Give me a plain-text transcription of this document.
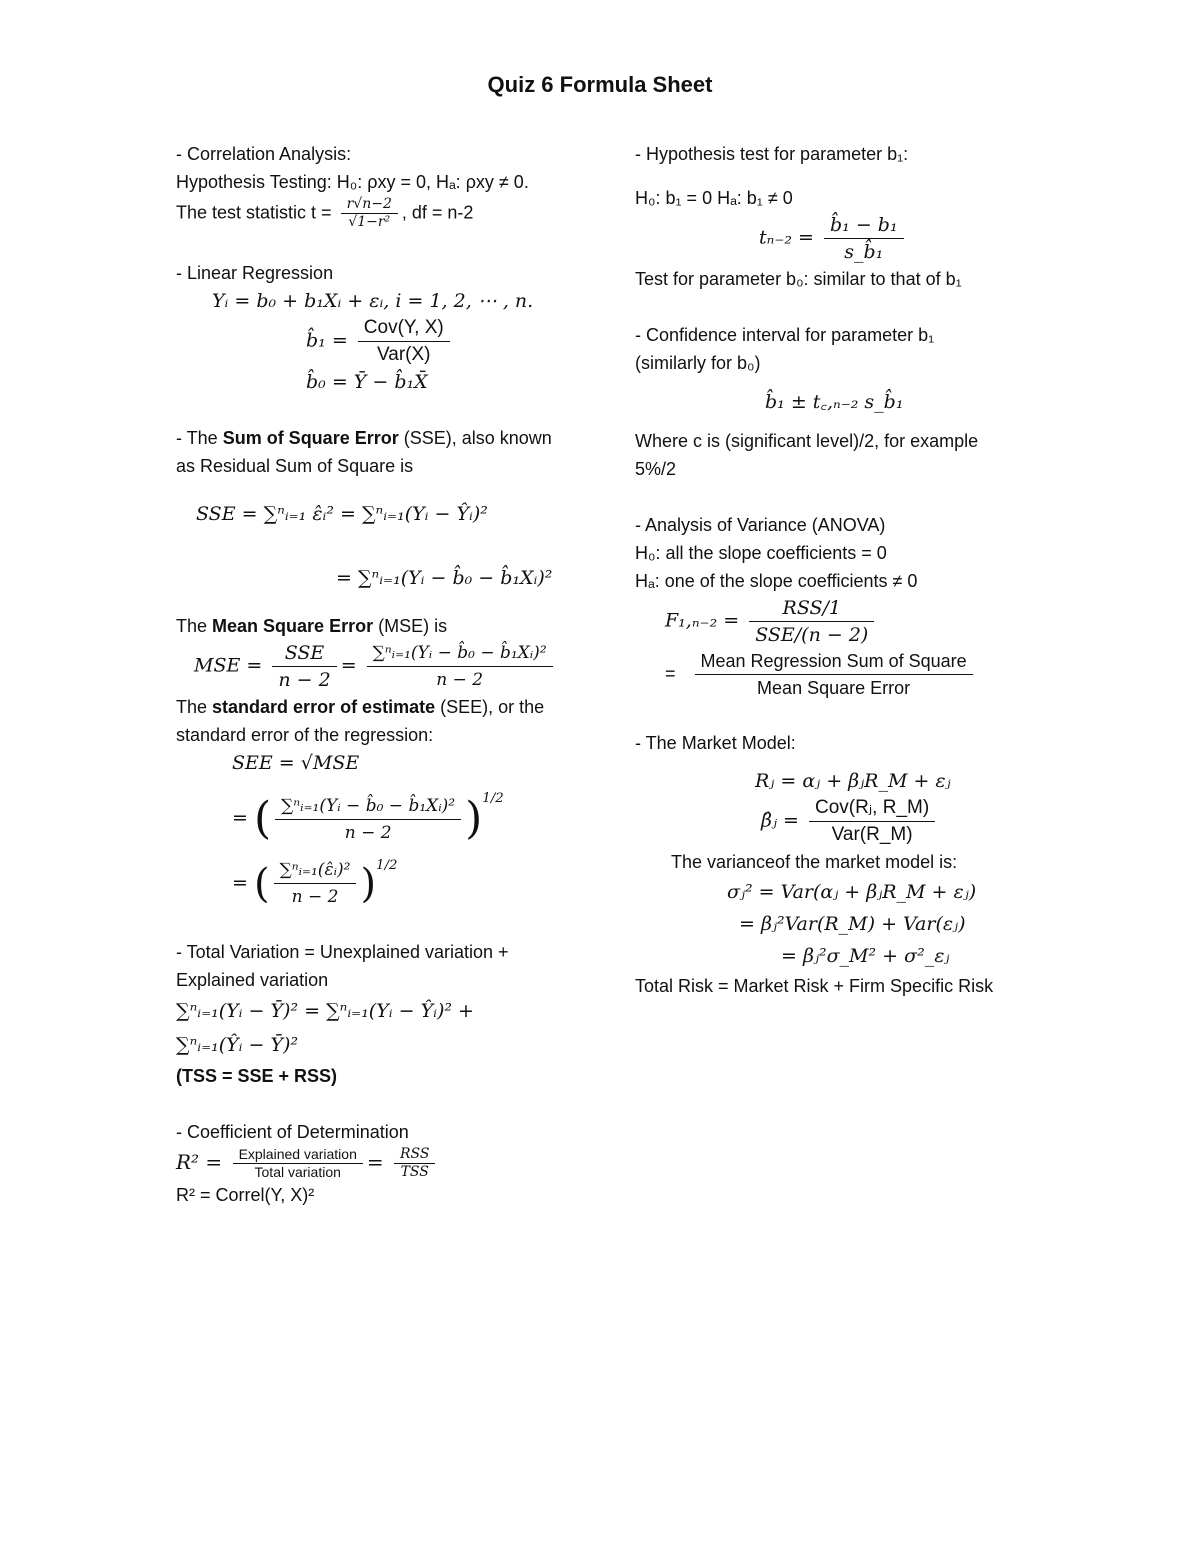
Quiz 6 Formula Sheet
- Correlation Analysis:
Hypothesis Testing: H₀: ρxy = 0, Hₐ: ρxy ≠ 0.
The test statistic $t = \frac{r√n-2}{\text{√1−r²}}$ , df = n-2
- Linear Regression
Yᵢ = b₀ + b₁Xᵢ + εᵢ, i = 1, 2, ⋯ , n.
b̂₁ = $\frac{\text{Cov(Y, X)}}{\text{Var(X)}}$
b̂₀ = Ȳ − b̂₁X̄
- The Sum of Square Error (SSE), also known
as Residual Sum of Square is
SSE = ∑ⁿᵢ₌₁ ε̂ᵢ² = ∑ⁿᵢ₌₁(Yᵢ − Ŷᵢ)²
= ∑ⁿᵢ₌₁(Yᵢ − b̂₀ − b̂₁Xᵢ)²
The Mean Square Error (MSE) is
MSE = $\frac{\text{SSE}}{n - 2} = \frac{\text{∑ⁿᵢ₌₁(Yᵢ − b̂₀ − b̂₁Xᵢ)²}}{n - 2}$
The standard error of estimate (SEE), or the
standard error of the regression:
SEE = √MSE
= ( $\frac{\text{∑ⁿᵢ₌₁(Yᵢ − b̂₀ − b̂₁Xᵢ)²}}{n - 2} )^{1/2}$
= ( $\frac{\text{∑ⁿᵢ₌₁(ε̂ᵢ)²}}{n - 2} )^{1/2}$
- Total Variation = Unexplained variation +
Explained variation
∑ⁿᵢ₌₁(Yᵢ − Ȳ)² = ∑ⁿᵢ₌₁(Yᵢ − Ŷᵢ)² +
∑ⁿᵢ₌₁(Ŷᵢ − Ȳ)²
(TSS = SSE + RSS)
- Coefficient of Determination
$R^2 = \frac{\text{Explained variation}}{\text{Total variation}} = \frac{\text{RSS}}{\text{TSS}}$
R² = Correl(Y, X)²
- Hypothesis test for parameter b₁:
H₀: b₁ = 0 Hₐ: b₁ ≠ 0
$t_{n-2} = \frac{\text{b̂₁ − b₁}}{\text{s\_b̂₁}}$
Test for parameter b₀: similar to that of b₁
- Confidence interval for parameter b₁
(similarly for b₀)
b̂₁ ± t꜀,ₙ₋₂ s_b̂₁
Where c is (significant level)/2, for example
5%/2
- Analysis of Variance (ANOVA)
H₀: all the slope coefficients = 0
Hₐ: one of the slope coefficients ≠ 0
$F_1,_{n-2} = \frac{\text{RSS/1}}{\text{SSE/(n − 2)}}$
= $\frac{\text{Mean Regression Sum of Square}}{\text{Mean Square Error}}$
- The Market Model:
Rⱼ = αⱼ + βⱼR_M + εⱼ
β̂ⱼ = $\frac{\text{Cov(Rⱼ, R\_M)}}{\text{Var(R\_M)}}$
The varianceof the market model is:
σⱼ² = Var(αⱼ + βⱼR_M + εⱼ)
= βⱼ²Var(R_M) + Var(εⱼ)
= βⱼ²σ_M² + σ²_εⱼ
Total Risk = Market Risk + Firm Specific Risk
